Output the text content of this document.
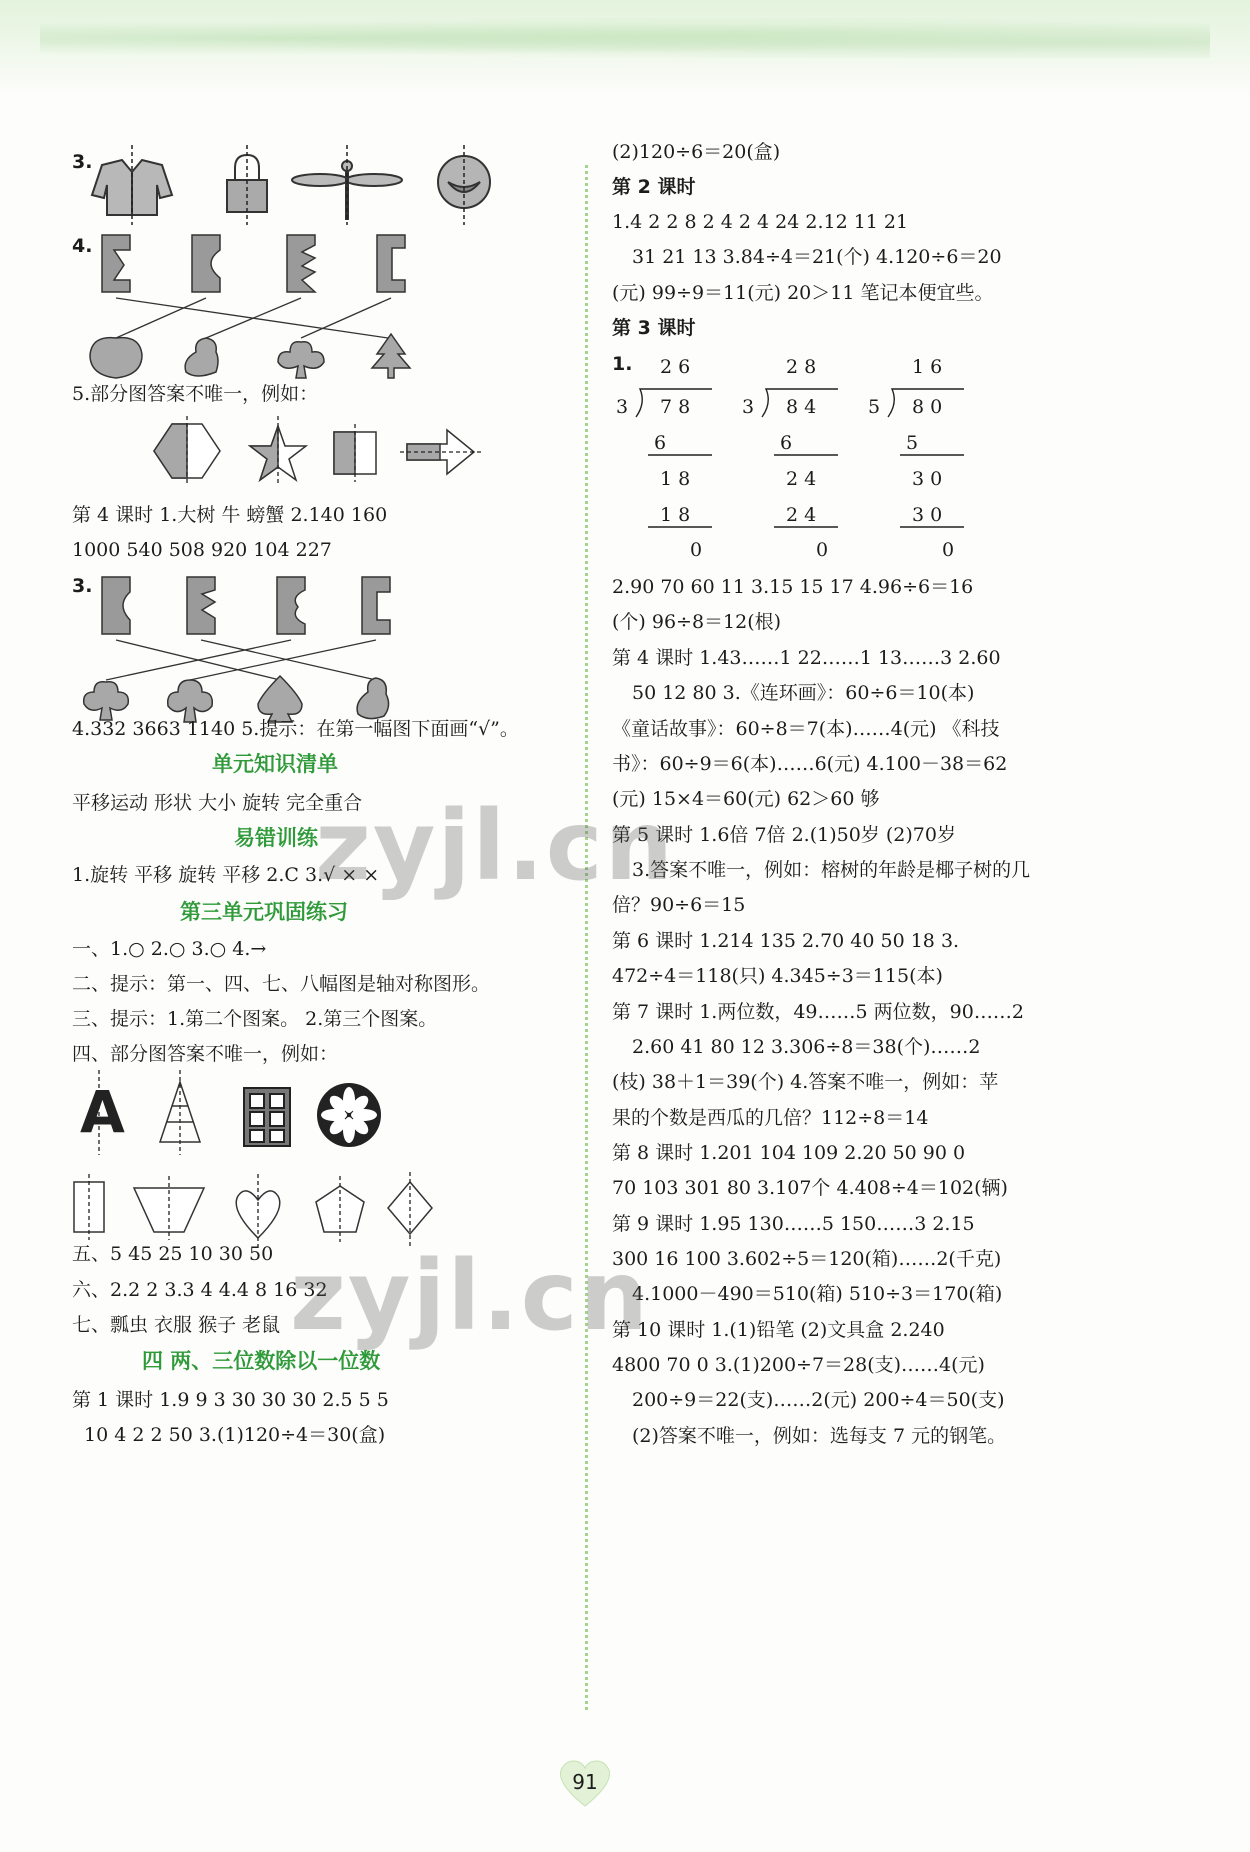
3.
4.
5.部分图答案不唯一，例如：
第 4 课时 1.大树 牛 螃蟹 2.140 160
1000 540 508 920 104 227
3.
4.332 3663 1140 5.提示：在第一幅图下面画“√”。
单元知识清单
平移运动 形状 大小 旋转 完全重合
易错训练
1.旋转 平移 旋转 平移 2.C 3.√ × ×
第三单元巩固练习
一、1.○ 2.○ 3.○ 4.→
二、提示：第一、四、七、八幅图是轴对称图形。
三、提示：1.第二个图案。 2.第三个图案。
四、部分图答案不唯一，例如：
A
五、5 45 25 10 30 50
六、2.2 2 3.3 4 4.4 8 16 32
七、瓢虫 衣服 猴子 老鼠
四 两、三位数除以一位数
第 1 课时 1.9 9 3 30 30 30 2.5 5 5
10 4 2 2 50 3.(1)120÷4＝30(盒)
(2)120÷6＝20(盒)
第 2 课时
1.4 2 2 8 2 4 2 4 24 2.12 11 21
31 21 13 3.84÷4＝21(个) 4.120÷6＝20
(元) 99÷9＝11(元) 20＞11 笔记本便宜些。
第 3 课时
1. 2 6
3 7 8
6
1 8
1 8
0
2 8
3 8 4
6
2 4
2 4
0
1 6
5 8 0
5
3 0
3 0
0
2.90 70 60 11 3.15 15 17 4.96÷6＝16
(个) 96÷8＝12(根)
第 4 课时 1.43……1 22……1 13……3 2.60
50 12 80 3.《连环画》：60÷6＝10(本)
《童话故事》：60÷8＝7(本)……4(元) 《科技
书》：60÷9＝6(本)……6(元) 4.100－38＝62
(元) 15×4＝60(元) 62＞60 够
第 5 课时 1.6倍 7倍 2.(1)50岁 (2)70岁
3.答案不唯一，例如：榕树的年龄是椰子树的几
倍？90÷6＝15
第 6 课时 1.214 135 2.70 40 50 18 3.
472÷4＝118(只) 4.345÷3＝115(本)
第 7 课时 1.两位数，49……5 两位数，90……2
2.60 41 80 12 3.306÷8＝38(个)……2
(枝) 38＋1＝39(个) 4.答案不唯一，例如：苹
果的个数是西瓜的几倍？112÷8＝14
第 8 课时 1.201 104 109 2.20 50 90 0
70 103 301 80 3.107个 4.408÷4＝102(辆)
第 9 课时 1.95 130……5 150……3 2.15
300 16 100 3.602÷5＝120(箱)……2(千克)
4.1000－490＝510(箱) 510÷3＝170(箱)
第 10 课时 1.(1)铅笔 (2)文具盒 2.240
4800 70 0 3.(1)200÷7＝28(支)……4(元)
200÷9＝22(支)……2(元) 200÷4＝50(支)
(2)答案不唯一，例如：选每支 7 元的钢笔。
zyjl.cn
zyjl.cn
91
